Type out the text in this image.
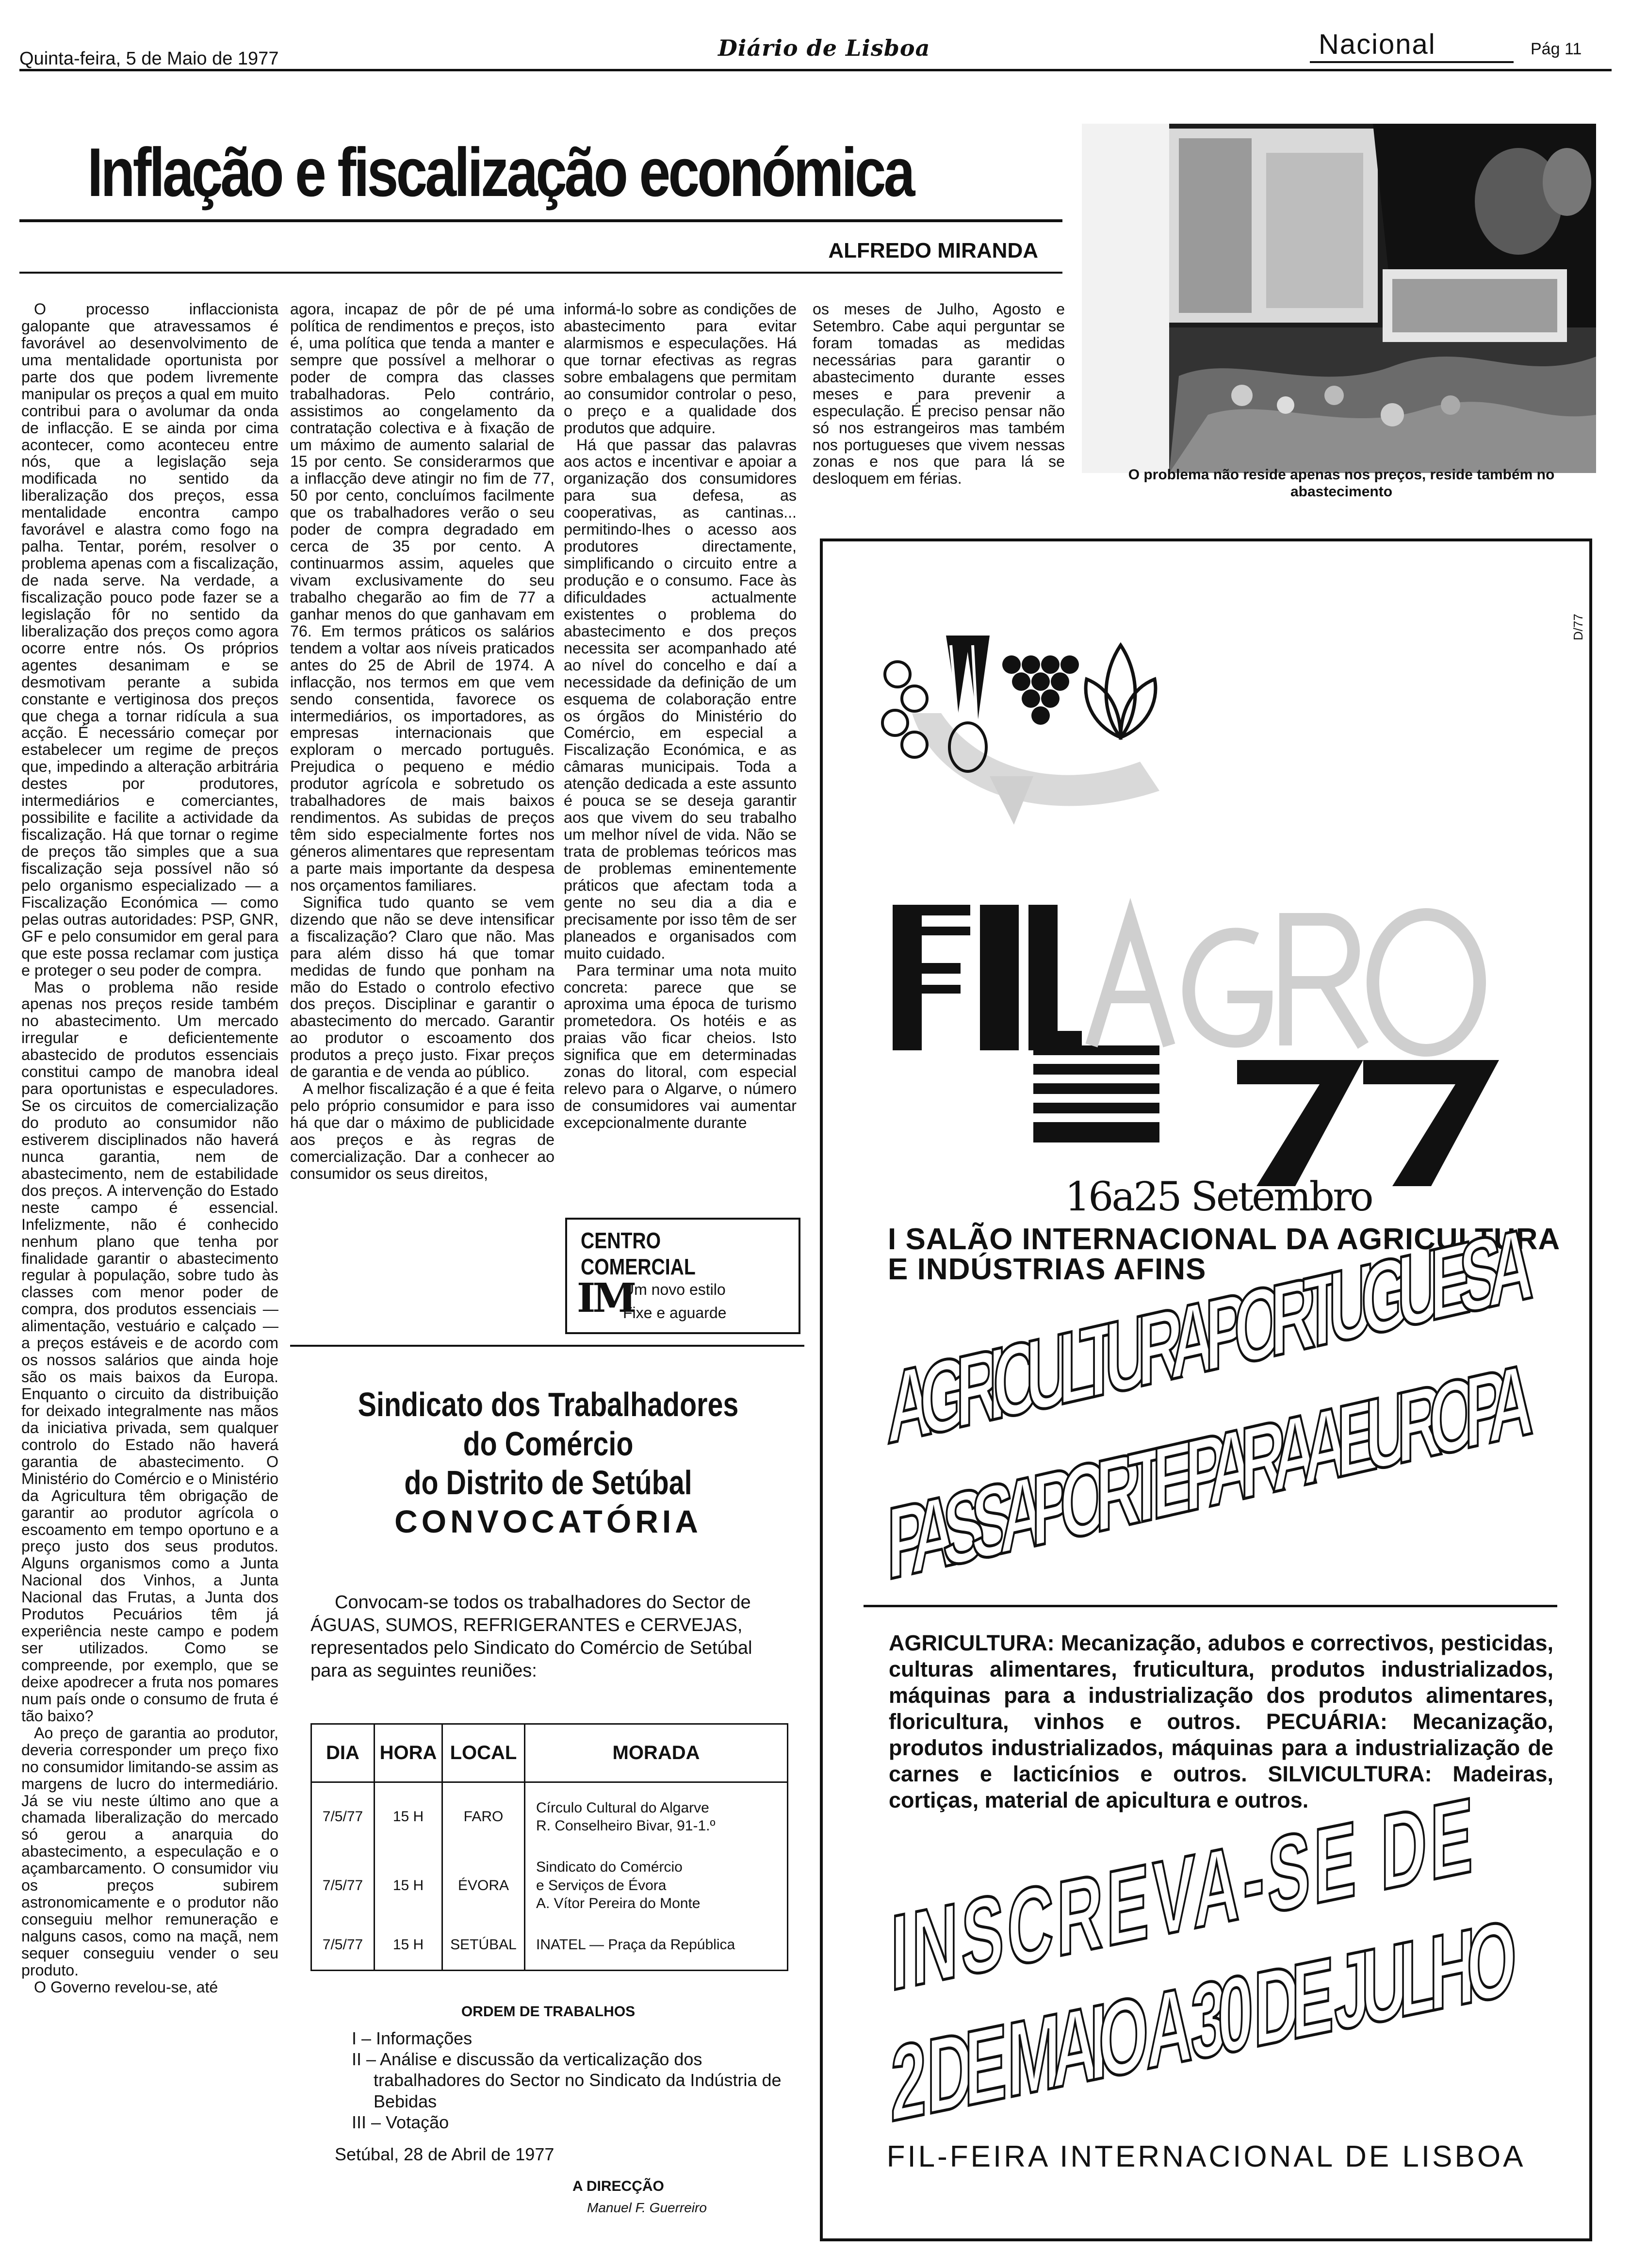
Quinta-feira, 5 de Maio de 1977	Diário de Lisboa	Nacional	Pág 11
Inflação e fiscalização económica
ALFREDO MIRANDA
O problema não reside apenas nos preços, reside também no abastecimento

O processo inflaccionista galopante que atravessamos é favorável ao desenvolvimento de uma mentalidade oportunista por parte dos que podem livremente manipular os preços a qual em muito contribui para o avolumar da onda de inflacção. E se ainda por cima acontecer, como aconteceu entre nós, que a legislação seja modificada no sentido da liberalização dos preços, essa mentalidade encontra campo favorável e alastra como fogo na palha. Tentar, porém, resolver o problema apenas com a fiscalização, de nada serve. Na verdade, a fiscalização pouco pode fazer se a legislação fôr no sentido da liberalização dos preços como agora ocorre entre nós. Os próprios agentes desanimam e se desmotivam perante a subida constante e vertiginosa dos preços que chega a tornar ridícula a sua acção. É necessário começar por estabelecer um regime de preços que, impedindo a alteração arbitrária destes por produtores, intermediários e comerciantes, possibilite e facilite a actividade da fiscalização. Há que tornar o regime de preços tão simples que a sua fiscalização seja possível não só pelo organismo especializado — a Fiscalização Económica — como pelas outras autoridades: PSP, GNR, GF e pelo consumidor em geral para que este possa reclamar com justiça e proteger o seu poder de compra.

Mas o problema não reside apenas nos preços reside também no abastecimento. Um mercado irregular e deficientemente abastecido de produtos essenciais constitui campo de manobra ideal para oportunistas e especuladores. Se os circuitos de comercialização do produto ao consumidor não estiverem disciplinados não haverá nunca garantia, nem de abastecimento, nem de estabilidade dos preços. A intervenção do Estado neste campo é essencial. Infelizmente, não é conhecido nenhum plano que tenha por finalidade garantir o abastecimento regular à população, sobre tudo às classes com menor poder de compra, dos produtos essenciais — alimentação, vestuário e calçado — a preços estáveis e de acordo com os nossos salários que ainda hoje são os mais baixos da Europa. Enquanto o circuito da distribuição for deixado integralmente nas mãos da iniciativa privada, sem qualquer controlo do Estado não haverá garantia de abastecimento. O Ministério do Comércio e o Ministério da Agricultura têm obrigação de garantir ao produtor agrícola o escoamento em tempo oportuno e a preço justo dos seus produtos. Alguns organismos como a Junta Nacional dos Vinhos, a Junta Nacional das Frutas, a Junta dos Produtos Pecuários têm já experiência neste campo e podem ser utilizados. Como se compreende, por exemplo, que se deixe apodrecer a fruta nos pomares num país onde o consumo de fruta é tão baixo?

Ao preço de garantia ao produtor, deveria corresponder um preço fixo no consumidor limitando-se assim as margens de lucro do intermediário. Já se viu neste último ano que a chamada liberalização do mercado só gerou a anarquia do abastecimento, a especulação e o açambarcamento. O consumidor viu os preços subirem astronomicamente e o produtor não conseguiu melhor remuneração e nalguns casos, como na maçã, nem sequer conseguiu vender o seu produto.

O Governo revelou-se, até

agora, incapaz de pôr de pé uma política de rendimentos e preços, isto é, uma política que tenda a manter e sempre que possível a melhorar o poder de compra das classes trabalhadoras. Pelo contrário, assistimos ao congelamento da contratação colectiva e à fixação de um máximo de aumento salarial de 15 por cento. Se considerarmos que a inflacção deve atingir no fim de 77, 50 por cento, concluímos facilmente que os trabalhadores verão o seu poder de compra degradado em cerca de 35 por cento. A continuarmos assim, aqueles que vivam exclusivamente do seu trabalho chegarão ao fim de 77 a ganhar menos do que ganhavam em 76. Em termos práticos os salários tendem a voltar aos níveis praticados antes do 25 de Abril de 1974. A inflacção, nos termos em que vem sendo consentida, favorece os intermediários, os importadores, as empresas internacionais que exploram o mercado português. Prejudica o pequeno e médio produtor agrícola e sobretudo os trabalhadores de mais baixos rendimentos. As subidas de preços têm sido especialmente fortes nos géneros alimentares que representam a parte mais importante da despesa nos orçamentos familiares.

Significa tudo quanto se vem dizendo que não se deve intensificar a fiscalização? Claro que não. Mas para além disso há que tomar medidas de fundo que ponham na mão do Estado o controlo efectivo dos preços. Disciplinar e garantir o abastecimento do mercado. Garantir ao produtor o escoamento dos produtos a preço justo. Fixar preços de garantia e de venda ao público.

A melhor fiscalização é a que é feita pelo próprio consumidor e para isso há que dar o máximo de publicidade aos preços e às regras de comercialização. Dar a conhecer ao consumidor os seus direitos,

informá-lo sobre as condições de abastecimento para evitar alarmismos e especulações. Há que tornar efectivas as regras sobre embalagens que permitam ao consumidor controlar o peso, o preço e a qualidade dos produtos que adquire.

Há que passar das palavras aos actos e incentivar e apoiar a organização dos consumidores para sua defesa, as cooperativas, as cantinas... permitindo-lhes o acesso aos produtores directamente, simplificando o circuito entre a produção e o consumo. Face às dificuldades actualmente existentes o problema do abastecimento e dos preços necessita ser acompanhado até ao nível do concelho e daí a necessidade da definição de um esquema de colaboração entre os órgãos do Ministério do Comércio, em especial a Fiscalização Económica, e as câmaras municipais. Toda a atenção dedicada a este assunto é pouca se se deseja garantir aos que vivem do seu trabalho um melhor nível de vida. Não se trata de problemas teóricos mas de problemas eminentemente práticos que afectam toda a gente no seu dia a dia e precisamente por isso têm de ser planeados e organisados com muito cuidado.

Para terminar uma nota muito concreta: parece que se aproxima uma época de turismo prometedora. Os hotéis e as praias vão ficar cheios. Isto significa que em determinadas zonas do litoral, com especial relevo para o Algarve, o número de consumidores vai aumentar excepcionalmente durante

os meses de Julho, Agosto e Setembro. Cabe aqui perguntar se foram tomadas as medidas necessárias para garantir o abastecimento durante esses meses e para prevenir a especulação. É preciso pensar não só nos estrangeiros mas também nos portugueses que vivem nessas zonas e nos que para lá se desloquem em férias.

CENTRO COMERCIAL
IM
Um novo estilo
Fixe e aguarde
Sindicato dos Trabalhadores do Comércio
do Distrito de Setúbal
CONVOCATÓRIA
Convocam-se todos os trabalhadores do Sector de ÁGUAS, SUMOS, REFRIGERANTES e CERVEJAS, representados pelo Sindicato do Comércio de Setúbal para as seguintes reuniões:
DIA	HORA	LOCAL	MORADA
7/5/77	15 H	FARO	Círculo Cultural do Algarve
R. Conselheiro Bivar, 91-1.º

7/5/77	15 H	ÉVORA	Sindicato do Comércio
e Serviços de Évora
A. Vítor Pereira do Monte

7/5/77	15 H	SETÚBAL	INATEL — Praça da República
ORDEM DE TRABALHOS
I – Informações
II – Análise e discussão da verticalização dos trabalhadores do Sector no Sindicato da Indústria de Bebidas
III – Votação
Setúbal, 28 de Abril de 1977
A DIRECÇÃO
Manuel F. Guerreiro
D/77
16a25 Setembro
I SALÃO INTERNACIONAL DA AGRICULTURA
E INDÚSTRIAS AFINS
AGRICULTURA PORTUGUESA
PASSAPORTE PARA A EUROPA
AGRICULTURA: Mecanização, adubos e correctivos, pesticidas, culturas alimentares, fruticultura, produtos industrializados, máquinas para a industrialização dos produtos alimentares, floricultura, vinhos e outros. PECUÁRIA: Mecanização, produtos industrializados, máquinas para a industrialização de carnes e lacticínios e outros. SILVICULTURA: Madeiras, cortiças, material de apicultura e outros.
INSCREVA-SE DE
2 DE MAIO A 30 DE JULHO
FIL-FEIRA INTERNACIONAL DE LISBOA
